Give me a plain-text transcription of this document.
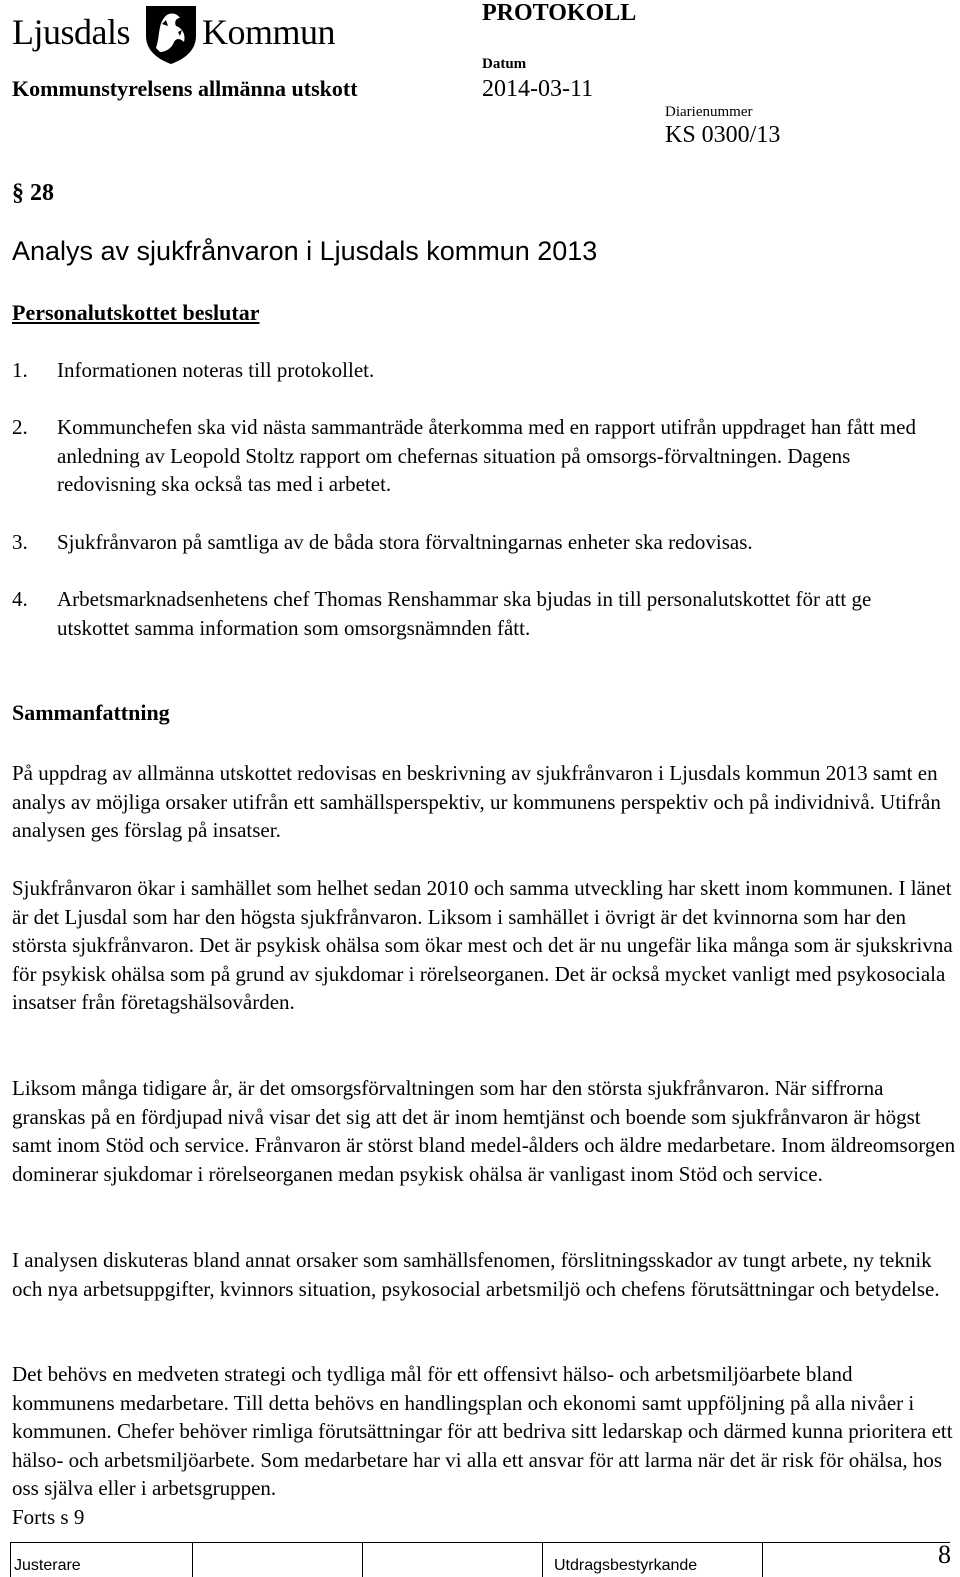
Ljusdals Kommun	PROTOKOLL
Datum
Kommunstyrelsens allmänna utskott	2014-03-11
Diarienummer
KS 0300/13
§ 28
Analys av sjukfrånvaron i Ljusdals kommun 2013
Personalutskottet beslutar
1. Informationen noteras till protokollet.
2. Kommunchefen ska vid nästa sammanträde återkomma med en rapport utifrån uppdraget han fått med anledning av Leopold Stoltz rapport om chefernas situation på omsorgs-förvaltningen. Dagens redovisning ska också tas med i arbetet.
3. Sjukfrånvaron på samtliga av de båda stora förvaltningarnas enheter ska redovisas.
4. Arbetsmarknadsenhetens chef Thomas Renshammar ska bjudas in till personalutskottet för att ge utskottet samma information som omsorgsnämnden fått.
Sammanfattning
På uppdrag av allmänna utskottet redovisas en beskrivning av sjukfrånvaron i Ljusdals kommun 2013 samt en analys av möjliga orsaker utifrån ett samhällsperspektiv, ur kommunens perspektiv och på individnivå. Utifrån analysen ges förslag på insatser.
Sjukfrånvaron ökar i samhället som helhet sedan 2010 och samma utveckling har skett inom kommunen. I länet är det Ljusdal som har den högsta sjukfrånvaron. Liksom i samhället i övrigt är det kvinnorna som har den största sjukfrånvaron. Det är psykisk ohälsa som ökar mest och det är nu ungefär lika många som är sjukskrivna för psykisk ohälsa som på grund av sjukdomar i rörelseorganen. Det är också mycket vanligt med psykosociala insatser från företagshälsovården.
Liksom många tidigare år, är det omsorgsförvaltningen som har den största sjukfrånvaron. När siffrorna granskas på en fördjupad nivå visar det sig att det är inom hemtjänst och boende som sjukfrånvaron är högst samt inom Stöd och service. Frånvaron är störst bland medel-ålders och äldre medarbetare. Inom äldreomsorgen dominerar sjukdomar i rörelseorganen medan psykisk ohälsa är vanligast inom Stöd och service.
I analysen diskuteras bland annat orsaker som samhällsfenomen, förslitningsskador av tungt arbete, ny teknik och nya arbetsuppgifter, kvinnors situation, psykosocial arbetsmiljö och chefens förutsättningar och betydelse.
Det behövs en medveten strategi och tydliga mål för ett offensivt hälso- och arbetsmiljöarbete bland kommunens medarbetare. Till detta behövs en handlingsplan och ekonomi samt uppföljning på alla nivåer i kommunen. Chefer behöver rimliga förutsättningar för att bedriva sitt ledarskap och därmed kunna prioritera ett hälso- och arbetsmiljöarbete. Som medarbetare har vi alla ett ansvar för att larma när det är risk för ohälsa, hos oss själva eller i arbetsgruppen.
Forts s 9
Justerare	Utdragsbestyrkande	8
